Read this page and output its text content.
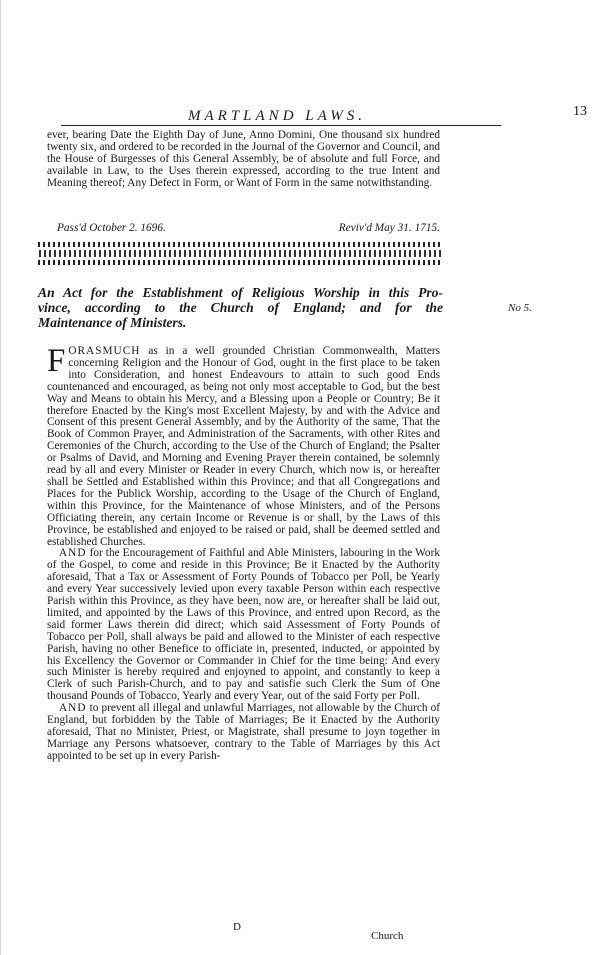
MARTLAND LAWS.	13
ever, bearing Date the Eighth Day of June, Anno Domini, One thousand six hundred twenty six, and ordered to be recorded in the Journal of the Governor and Council, and the House of Burgesses of this General Assembly, be of absolute and full Force, and available in Law, to the Uses therein expressed, according to the true Intent and Meaning thereof; Any Defect in Form, or Want of Form in the same notwithstanding.
Pass'd October 2. 1696.	Reviv'd May 31. 1715.
An Act for the Establishment of Religious Worship in this Pro-
vince, according to the Church of England; and for the
Maintenance of Ministers.
No 5.

FORASMUCH as in a well grounded Christian Commonwealth, Matters concerning Religion and the Honour of God, ought in the first place to be taken into Consideration, and honest Endeavours to attain to such good Ends countenanced and encouraged, as being not only most acceptable to God, but the best Way and Means to obtain his Mercy, and a Blessing upon a People or Country; Be it therefore Enacted by the King's most Excellent Majesty, by and with the Advice and Consent of this present General Assembly, and by the Authority of the same, That the Book of Common Prayer, and Administration of the Sacraments, with other Rites and Ceremonies of the Church, according to the Use of the Church of England; the Psalter or Psalms of David, and Morning and Evening Prayer therein contained, be solemnly read by all and every Minister or Reader in every Church, which now is, or hereafter shall be Settled and Established within this Province; and that all Congregations and Places for the Publick Worship, according to the Usage of the Church of England, within this Province, for the Maintenance of whose Ministers, and of the Persons Officiating therein, any certain Income or Revenue is or shall, by the Laws of this Province, be established and enjoyed to be raised or paid, shall be deemed settled and established Churches.

AND for the Encouragement of Faithful and Able Ministers, labouring in the Work of the Gospel, to come and reside in this Province; Be it Enacted by the Authority aforesaid, That a Tax or Assessment of Forty Pounds of Tobacco per Poll, be Yearly and every Year successively levied upon every taxable Person within each respective Parish within this Province, as they have been, now are, or hereafter shall be laid out, limited, and appointed by the Laws of this Province, and entred upon Record, as the said former Laws therein did direct; which said Assessment of Forty Pounds of Tobacco per Poll, shall always be paid and allowed to the Minister of each respective Parish, having no other Benefice to officiate in, presented, inducted, or appointed by his Excellency the Governor or Commander in Chief for the time being: And every such Minister is hereby required and enjoyned to appoint, and constantly to keep a Clerk of such Parish-Church, and to pay and satisfie such Clerk the Sum of One thousand Pounds of Tobacco, Yearly and every Year, out of the said Forty per Poll.

AND to prevent all illegal and unlawful Marriages, not allowable by the Church of England, but forbidden by the Table of Marriages; Be it Enacted by the Authority aforesaid, That no Minister, Priest, or Magistrate, shall presume to joyn together in Marriage any Persons whatsoever, contrary to the Table of Marriages by this Act appointed to be set up in every Parish-

D
Church
